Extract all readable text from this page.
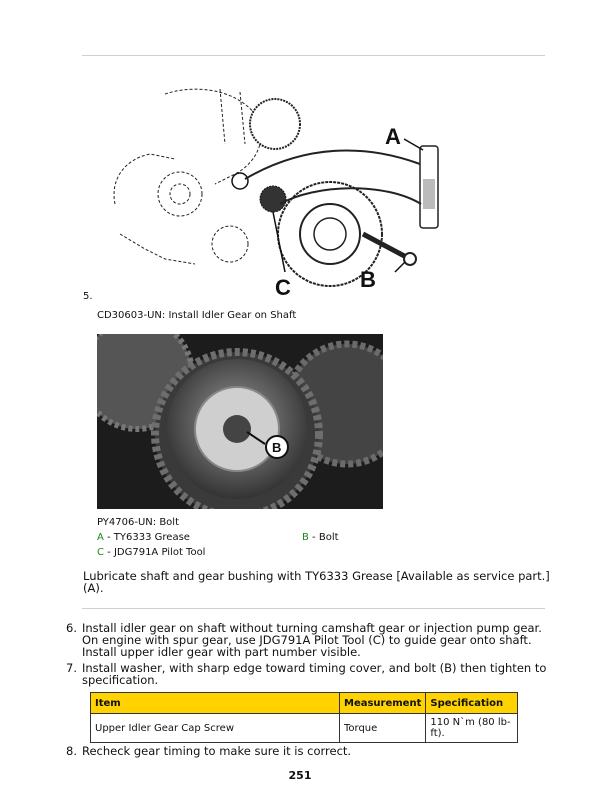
A
B
C
5.
CD30603-UN: Install Idler Gear on Shaft
B
PY4706-UN: Bolt
A - TY6333 Grease	B - Bolt
C - JDG791A Pilot Tool
Lubricate shaft and gear bushing with TY6333 Grease [Available as service part.]
(A).
6. Install idler gear on shaft without turning camshaft gear or injection pump gear.
On engine with spur gear, use JDG791A Pilot Tool (C) to guide gear onto shaft.
Install upper idler gear with part number visible.
7. Install washer, with sharp edge toward timing cover, and bolt (B) then tighten to
specification.
Item	Measurement	Specification
Upper Idler Gear Cap Screw	Torque	110 N`m (80 lb-ft).
8. Recheck gear timing to make sure it is correct.
251
